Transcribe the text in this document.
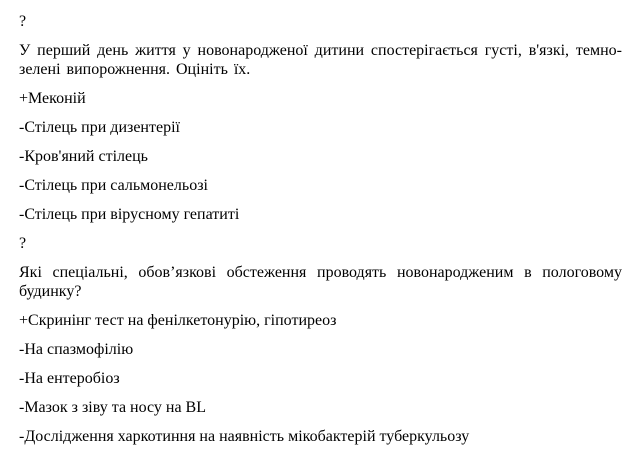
?

У перший день життя у новонародженої дитини спостерігається густі, в'язкі, темно-зелені випорожнення. Оцініть їх.

+Меконій

-Стілець при дизентерії

-Кров'яний стілець

-Стілець при сальмонельозі

-Стілець при вірусному гепатиті

?

Які спеціальні, обов’язкові обстеження проводять новонародженим в пологовому будинку?

+Скринінг тест на фенілкетонурію, гіпотиреоз

-На спазмофілію

-На ентеробіоз

-Мазок з зіву та носу на BL

-Дослідження харкотиння на наявність мікобактерій туберкульозу
